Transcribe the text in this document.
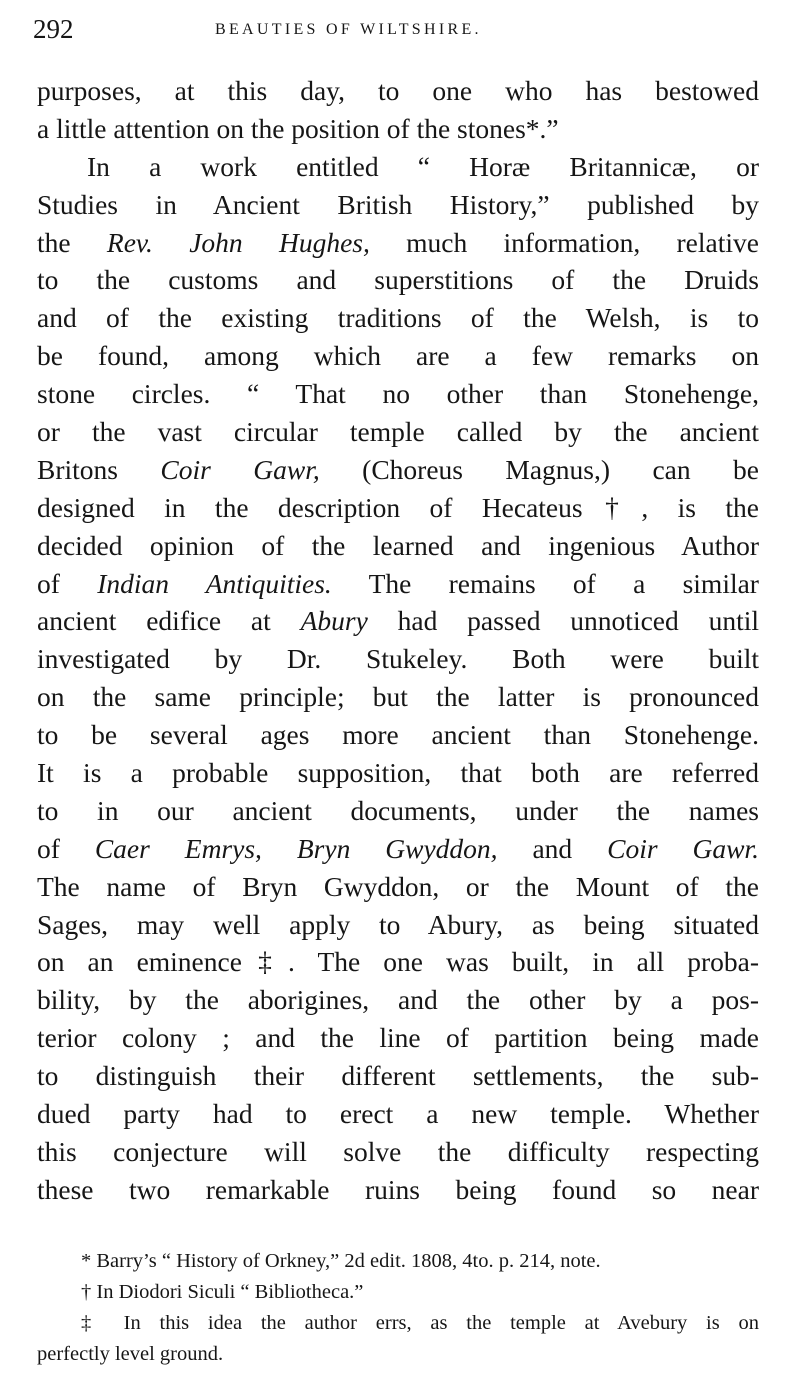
292	BEAUTIES OF WILTSHIRE.
purposes, at this day, to one who has bestowed
a little attention on the position of the stones*.”
In a work entitled “ Horæ Britannicæ, or
Studies in Ancient British History,” published by
the Rev. John Hughes, much information, relative
to the customs and superstitions of the Druids
and of the existing traditions of the Welsh, is to
be found, among which are a few remarks on
stone circles. “ That no other than Stonehenge,
or the vast circular temple called by the ancient
Britons Coir Gawr, (Choreus Magnus,) can be
designed in the description of Hecateus†, is the
decided opinion of the learned and ingenious Author
of Indian Antiquities. The remains of a similar
ancient edifice at Abury had passed unnoticed until
investigated by Dr. Stukeley. Both were built
on the same principle; but the latter is pronounced
to be several ages more ancient than Stonehenge.
It is a probable supposition, that both are referred
to in our ancient documents, under the names
of Caer Emrys, Bryn Gwyddon, and Coir Gawr.
The name of Bryn Gwyddon, or the Mount of the
Sages, may well apply to Abury, as being situated
on an eminence‡. The one was built, in all proba-
bility, by the aborigines, and the other by a pos-
terior colony ; and the line of partition being made
to distinguish their different settlements, the sub-
dued party had to erect a new temple. Whether
this conjecture will solve the difficulty respecting
these two remarkable ruins being found so near
* Barry’s “ History of Orkney,” 2d edit. 1808, 4to. p. 214, note.
† In Diodori Siculi “ Bibliotheca.”
‡ In this idea the author errs, as the temple at Avebury is on
perfectly level ground.
